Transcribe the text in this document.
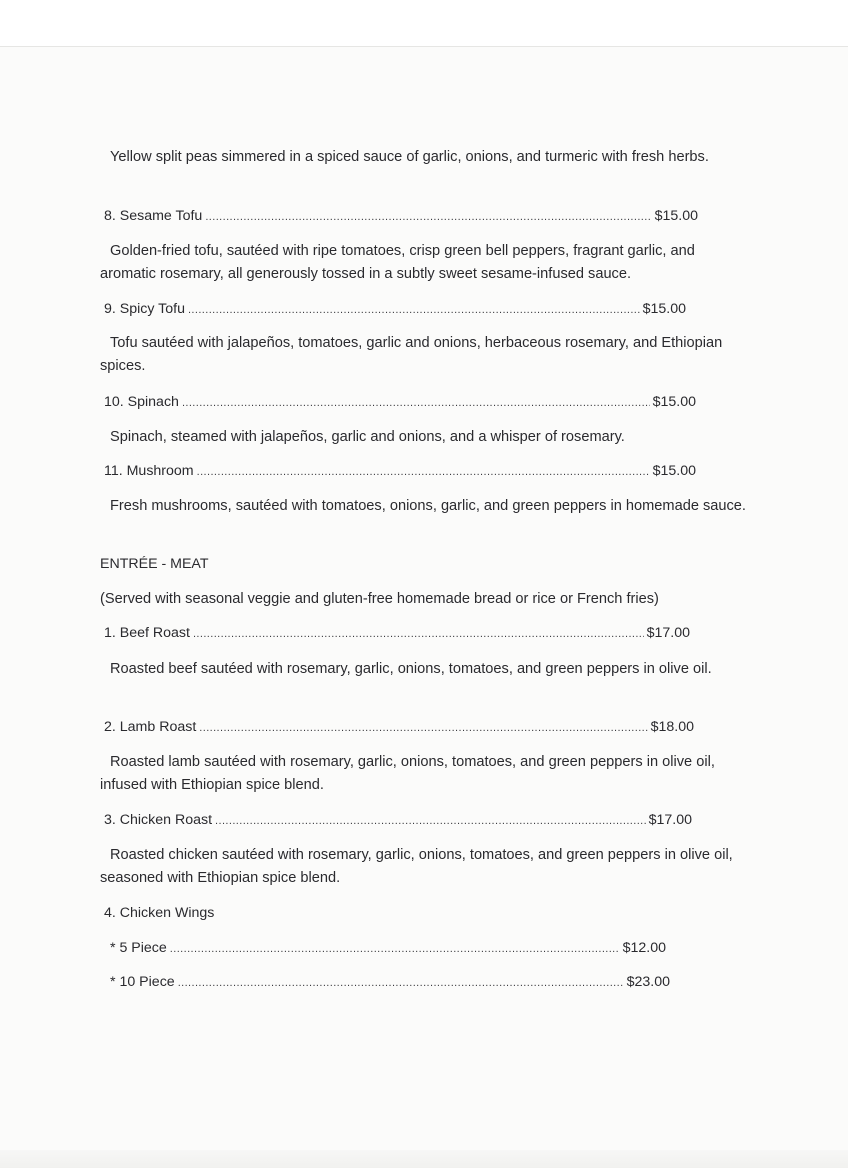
Yellow split peas simmered in a spiced sauce of garlic, onions, and turmeric with fresh herbs.

8. Sesame Tofu .....	$15.00

Golden-fried tofu, sautéed with ripe tomatoes, crisp green bell peppers, fragrant garlic, and aromatic rosemary, all generously tossed in a subtly sweet sesame-infused sauce.

9. Spicy Tofu .....	$15.00

Tofu sautéed with jalapeños, tomatoes, garlic and onions, herbaceous rosemary, and Ethiopian spices.

10. Spinach .....	$15.00

Spinach, steamed with jalapeños, garlic and onions, and a whisper of rosemary.

11. Mushroom .....	$15.00

Fresh mushrooms, sautéed with tomatoes, onions, garlic, and green peppers in homemade sauce.

ENTRÉE - MEAT

(Served with seasonal veggie and gluten-free homemade bread or rice or French fries)

1. Beef Roast .....	$17.00

Roasted beef sautéed with rosemary, garlic, onions, tomatoes, and green peppers in olive oil.

2. Lamb Roast .....	$18.00

Roasted lamb sautéed with rosemary, garlic, onions, tomatoes, and green peppers in olive oil, infused with Ethiopian spice blend.

3. Chicken Roast .....	$17.00

Roasted chicken sautéed with rosemary, garlic, onions, tomatoes, and green peppers in olive oil, seasoned with Ethiopian spice blend.

4. Chicken Wings

* 5 Piece .....	$12.00
* 10 Piece .....	$23.00
